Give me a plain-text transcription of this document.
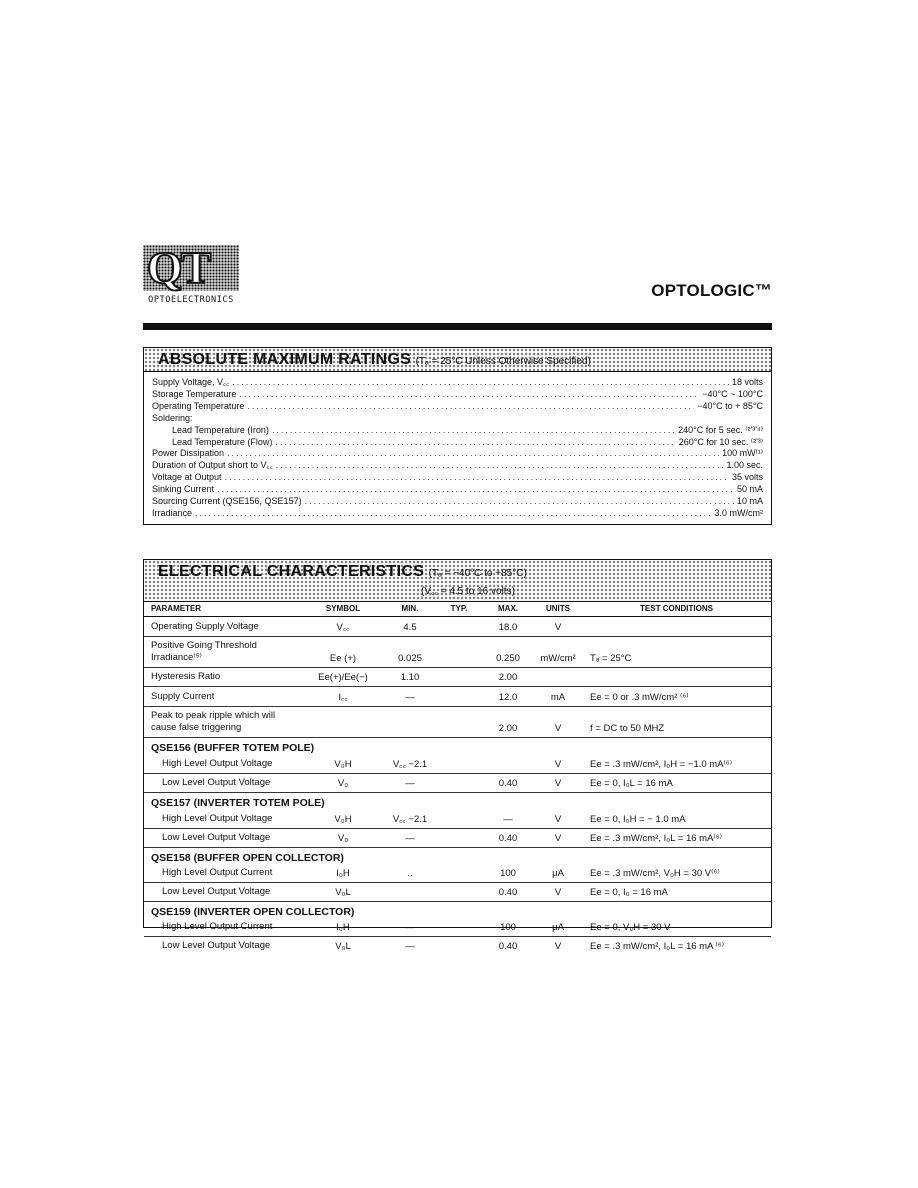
QT
OPTOELECTRONICS	OPTOLOGIC™
ABSOLUTE MAXIMUM RATINGS (Tₐ = 25°C Unless Otherwise Specified)
Supply Voltage, V꜀꜀ .....	18 volts
Storage Temperature .....	−40°C ~ 100°C
Operating Temperature .....	−40°C to + 85°C
Soldering:
Lead Temperature (Iron) .....	240°C for 5 sec. ⁽²'³'⁴⁾
Lead Temperature (Flow) .....	260°C for 10 sec. ⁽²'³⁾
Power Dissipation .....	100 mW⁽¹⁾
Duration of Output short to V꜀꜀ .....	1.00 sec.
Voltage at Output .....	35 volts
Sinking Current .....	50 mA
Sourcing Current (QSE156, QSE157) .....	10 mA
Irradiance .....	3.0 mW/cm²
ELECTRICAL CHARACTERISTICS (Tₐ = −40°C to +85°C)
(V꜀꜀ = 4.5 to 16 volts)
PARAMETER	SYMBOL	MIN.	TYP.	MAX.	UNITS	TEST CONDITIONS
Operating Supply Voltage	V꜀꜀	4.5		18.0	V	
Positive Going Threshold Irradiance⁽⁵⁾	Ee (+)	0.025		0.250	mW/cm²	Tₐ = 25°C
Hysteresis Ratio	Ee(+)/Ee(−)	1.10		2.00		
Supply Current	I꜀꜀	—		12.0	mA	Ee = 0 or .3 mW/cm² ⁽⁶⁾
Peak to peak ripple which will cause false triggering				2.00	V	f = DC to 50 MHZ
QSE156 (BUFFER TOTEM POLE)						
High Level Output Voltage	V₀H	V꜀꜀ −2.1			V	Ee = .3 mW/cm², I₀H = −1.0 mA⁽⁶⁾
Low Level Output Voltage	V₀	—		0.40	V	Ee = 0, I₀L = 16 mA
QSE157 (INVERTER TOTEM POLE)						
High Level Output Voltage	V₀H	V꜀꜀ −2.1		—	V	Ee = 0, I₀H = − 1.0 mA
Low Level Output Voltage	V₀	—		0.40	V	Ee = .3 mW/cm², I₀L = 16 mA⁽⁶⁾
QSE158 (BUFFER OPEN COLLECTOR)						
High Level Output Current	I₀H	..		100	μA	Ee = .3 mW/cm², V₀H = 30 V⁽⁶⁾
Low Level Output Voltage	V₀L			0.40	V	Ee = 0, I₀ = 16 mA
QSE159 (INVERTER OPEN COLLECTOR)						
High Level Output Current	I₀H	—		100	μA	Ee = 0, V₀H = 30 V
Low Level Output Voltage	V₀L	—		0.40	V	Ee = .3 mW/cm², I₀L = 16 mA ⁽⁶⁾
